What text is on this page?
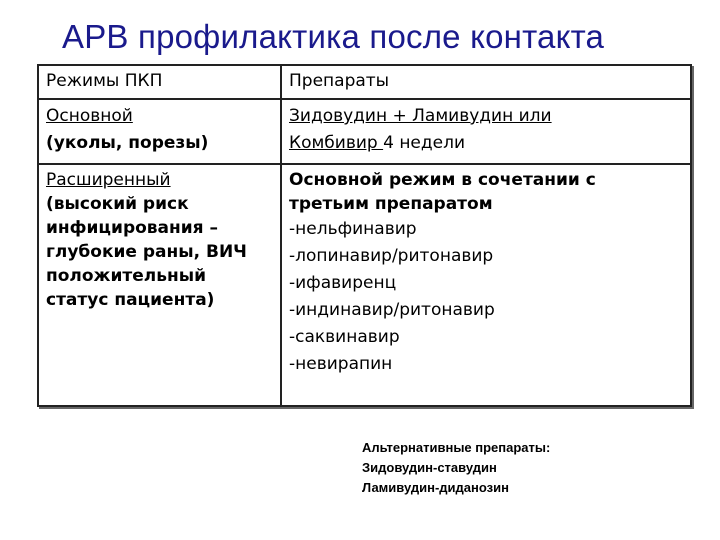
АРВ профилактика после контакта
Режимы ПКП	Препараты
Основной
(уколы, порезы)
Зидовудин + Ламивудин или
Комбивир 4 недели
Расширенный
(высокий риск
инфицирования –
глубокие раны, ВИЧ
положительный
статус пациента)
Основной режим в сочетании с
третьим препаратом
-нельфинавир
-лопинавир/ритонавир
-ифавиренц
-индинавир/ритонавир
-саквинавир
-невирапин
Альтернативные препараты:
Зидовудин-ставудин
Ламивудин-диданозин
